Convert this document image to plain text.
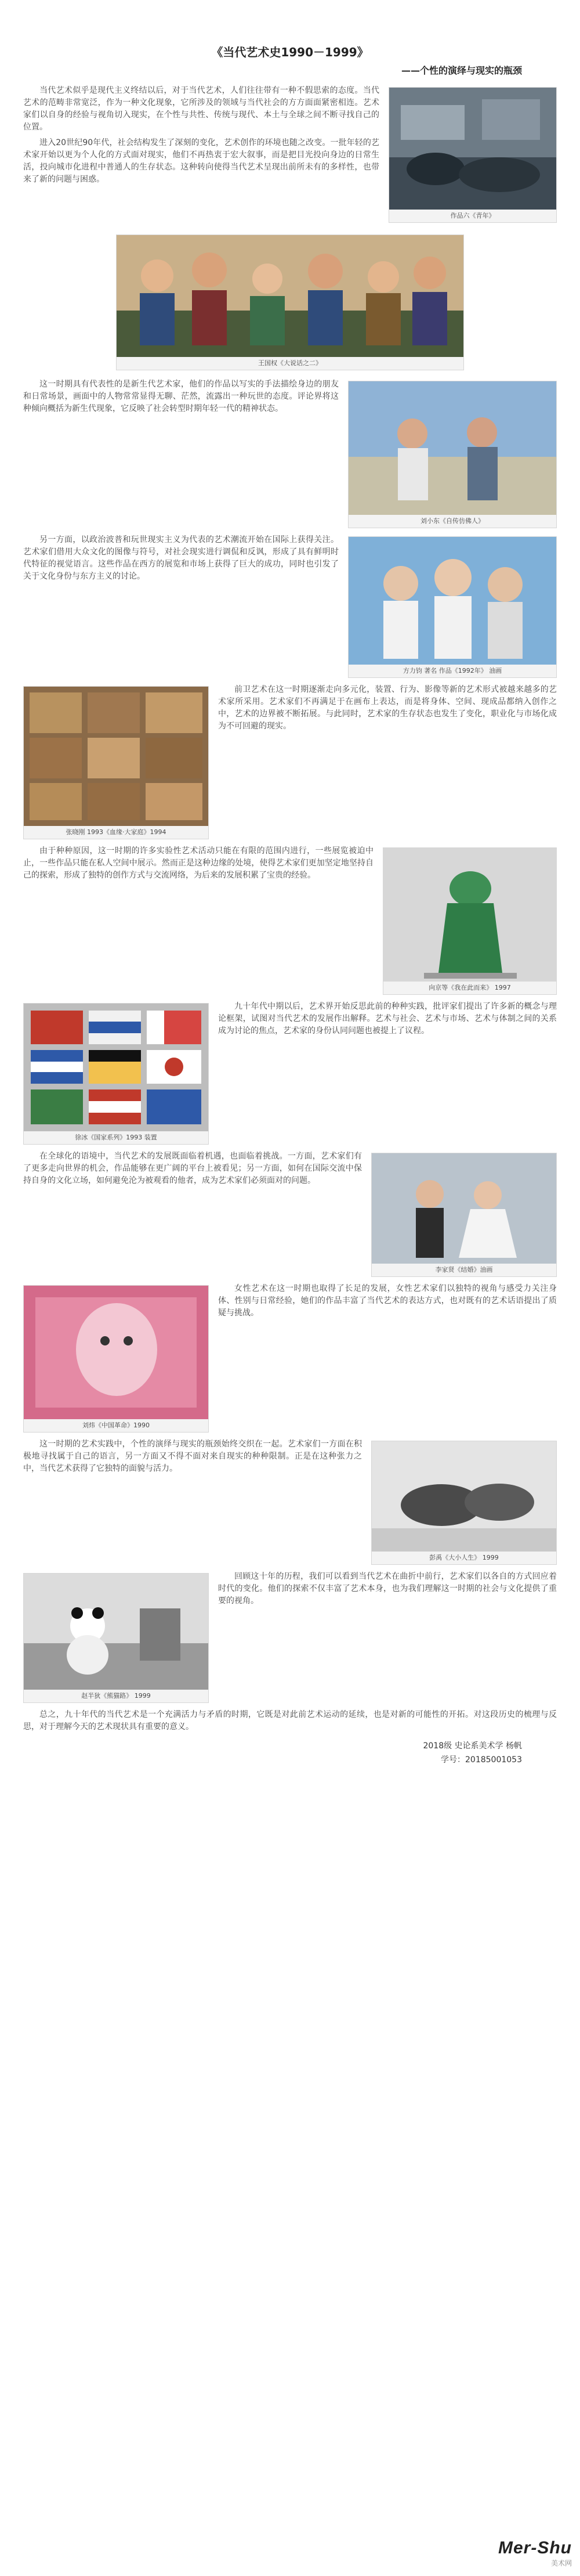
《当代艺术史1990－1999》
——个性的演绎与现实的瓶颈
作品六《青年》

当代艺术似乎是现代主义终结以后，对于当代艺术，人们往往带有一种不假思索的态度。当代艺术的范畴非常宽泛，作为一种文化现象，它所涉及的领域与当代社会的方方面面紧密相连。艺术家们以自身的经验与视角切入现实，在个性与共性、传统与现代、本土与全球之间不断寻找自己的位置。

进入20世纪90年代，社会结构发生了深刻的变化，艺术创作的环境也随之改变。一批年轻的艺术家开始以更为个人化的方式面对现实，他们不再热衷于宏大叙事，而是把目光投向身边的日常生活，投向城市化进程中普通人的生存状态。这种转向使得当代艺术呈现出前所未有的多样性，也带来了新的问题与困惑。

王国权《大说话之二》
刘小东《自传仿佛人》

这一时期具有代表性的是新生代艺术家，他们的作品以写实的手法描绘身边的朋友和日常场景，画面中的人物常常显得无聊、茫然，流露出一种玩世的态度。评论界将这种倾向概括为新生代现象，它反映了社会转型时期年轻一代的精神状态。

方力钧 著名 作品《1992年》 油画

另一方面，以政治波普和玩世现实主义为代表的艺术潮流开始在国际上获得关注。艺术家们借用大众文化的图像与符号，对社会现实进行调侃和反讽，形成了具有鲜明时代特征的视觉语言。这些作品在西方的展览和市场上获得了巨大的成功，同时也引发了关于文化身份与东方主义的讨论。

张晓刚 1993《血缘·大家庭》1994

前卫艺术在这一时期逐渐走向多元化，装置、行为、影像等新的艺术形式被越来越多的艺术家所采用。艺术家们不再满足于在画布上表达，而是将身体、空间、现成品都纳入创作之中，艺术的边界被不断拓展。与此同时，艺术家的生存状态也发生了变化，职业化与市场化成为不可回避的现实。

向京等《我在此而来》 1997

由于种种原因，这一时期的许多实验性艺术活动只能在有限的范围内进行，一些展览被迫中止，一些作品只能在私人空间中展示。然而正是这种边缘的处境，使得艺术家们更加坚定地坚持自己的探索，形成了独特的创作方式与交流网络，为后来的发展积累了宝贵的经验。

徐冰《国家系列》1993 装置

九十年代中期以后，艺术界开始反思此前的种种实践，批评家们提出了许多新的概念与理论框架，试图对当代艺术的发展作出解释。艺术与社会、艺术与市场、艺术与体制之间的关系成为讨论的焦点，艺术家的身份认同问题也被提上了议程。

李家贤《结婚》油画

在全球化的语境中，当代艺术的发展既面临着机遇，也面临着挑战。一方面，艺术家们有了更多走向世界的机会，作品能够在更广阔的平台上被看见；另一方面，如何在国际交流中保持自身的文化立场，如何避免沦为被观看的他者，成为艺术家们必须面对的问题。

刘炜《中国革命》1990

女性艺术在这一时期也取得了长足的发展，女性艺术家们以独特的视角与感受力关注身体、性别与日常经验，她们的作品丰富了当代艺术的表达方式，也对既有的艺术话语提出了质疑与挑战。

彭禹《大小人生》 1999

这一时期的艺术实践中，个性的演绎与现实的瓶颈始终交织在一起。艺术家们一方面在积极地寻找属于自己的语言，另一方面又不得不面对来自现实的种种限制。正是在这种张力之中，当代艺术获得了它独特的面貌与活力。

赵半狄《熊猫路》 1999

回顾这十年的历程，我们可以看到当代艺术在曲折中前行，艺术家们以各自的方式回应着时代的变化。他们的探索不仅丰富了艺术本身，也为我们理解这一时期的社会与文化提供了重要的视角。

总之，九十年代的当代艺术是一个充满活力与矛盾的时期，它既是对此前艺术运动的延续，也是对新的可能性的开拓。对这段历史的梳理与反思，对于理解今天的艺术现状具有重要的意义。

2018级 史论系美术学 杨帆
学号：20185001053
Mer-Shu
美术网
